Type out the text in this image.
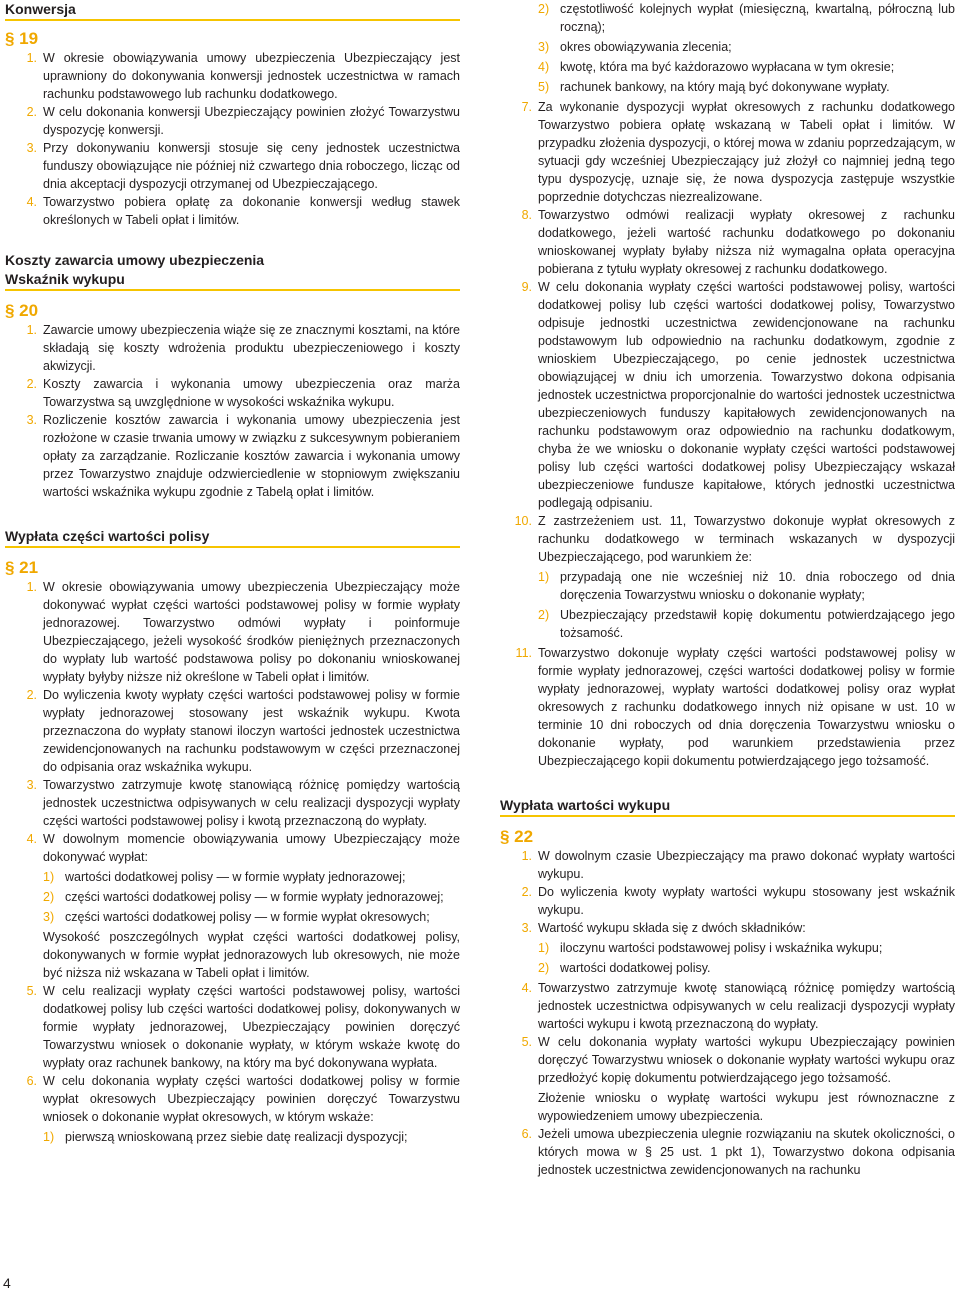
Konwersja
§ 19
1. W okresie obowiązywania umowy ubezpieczenia Ubezpieczający jest uprawniony do dokonywania konwersji jednostek uczestnictwa w ramach rachunku podstawowego lub rachunku dodatkowego.
2. W celu dokonania konwersji Ubezpieczający powinien złożyć Towarzystwu dyspozycję konwersji.
3. Przy dokonywaniu konwersji stosuje się ceny jednostek uczestnictwa funduszy obowiązujące nie później niż czwartego dnia roboczego, licząc od dnia akceptacji dyspozycji otrzymanej od Ubezpieczającego.
4. Towarzystwo pobiera opłatę za dokonanie konwersji według stawek określonych w Tabeli opłat i limitów.
Koszty zawarcia umowy ubezpieczenia
Wskaźnik wykupu
§ 20
1. Zawarcie umowy ubezpieczenia wiąże się ze znacznymi kosztami, na które składają się koszty wdrożenia produktu ubezpieczeniowego i koszty akwizycji.
2. Koszty zawarcia i wykonania umowy ubezpieczenia oraz marża Towarzystwa są uwzględnione w wysokości wskaźnika wykupu.
3. Rozliczenie kosztów zawarcia i wykonania umowy ubezpieczenia jest rozłożone w czasie trwania umowy w związku z sukcesywnym pobieraniem opłaty za zarządzanie. Rozliczanie kosztów zawarcia i wykonania umowy przez Towarzystwo znajduje odzwierciedlenie w stopniowym zwiększaniu wartości wskaźnika wykupu zgodnie z Tabelą opłat i limitów.
Wypłata części wartości polisy
§ 21
1. W okresie obowiązywania umowy ubezpieczenia Ubezpieczający może dokonywać wypłat części wartości podstawowej polisy w formie wypłaty jednorazowej. Towarzystwo odmówi wypłaty i poinformuje Ubezpieczającego, jeżeli wysokość środków pieniężnych przeznaczonych do wypłaty lub wartość podstawowa polisy po dokonaniu wnioskowanej wypłaty byłyby niższe niż określone w Tabeli opłat i limitów.
2. Do wyliczenia kwoty wypłaty części wartości podstawowej polisy w formie wypłaty jednorazowej stosowany jest wskaźnik wykupu. Kwota przeznaczona do wypłaty stanowi iloczyn wartości jednostek uczestnictwa zewidencjonowanych na rachunku podstawowym w części przeznaczonej do odpisania oraz wskaźnika wykupu.
3. Towarzystwo zatrzymuje kwotę stanowiącą różnicę pomiędzy wartością jednostek uczestnictwa odpisywanych w celu realizacji dyspozycji wypłaty części wartości podstawowej polisy i kwotą przeznaczoną do wypłaty.
4. W dowolnym momencie obowiązywania umowy Ubezpieczający może dokonywać wypłat:
1) wartości dodatkowej polisy — w formie wypłaty jednorazowej;
2) części wartości dodatkowej polisy — w formie wypłaty jednorazowej;
3) części wartości dodatkowej polisy — w formie wypłat okresowych;
Wysokość poszczególnych wypłat części wartości dodatkowej polisy, dokonywanych w formie wypłat jednorazowych lub okresowych, nie może być niższa niż wskazana w Tabeli opłat i limitów.
5. W celu realizacji wypłaty części wartości podstawowej polisy, wartości dodatkowej polisy lub części wartości dodatkowej polisy, dokonywanych w formie wypłaty jednorazowej, Ubezpieczający powinien doręczyć Towarzystwu wniosek o dokonanie wypłaty, w którym wskaże kwotę do wypłaty oraz rachunek bankowy, na który ma być dokonywana wypłata.
6. W celu dokonania wypłaty części wartości dodatkowej polisy w formie wypłat okresowych Ubezpieczający powinien doręczyć Towarzystwu wniosek o dokonanie wypłat okresowych, w którym wskaże:
1) pierwszą wnioskowaną przez siebie datę realizacji dyspozycji;
2) częstotliwość kolejnych wypłat (miesięczną, kwartalną, półroczną lub roczną);
3) okres obowiązywania zlecenia;
4) kwotę, która ma być każdorazowo wypłacana w tym okresie;
5) rachunek bankowy, na który mają być dokonywane wypłaty.
7. Za wykonanie dyspozycji wypłat okresowych z rachunku dodatkowego Towarzystwo pobiera opłatę wskazaną w Tabeli opłat i limitów. W przypadku złożenia dyspozycji, o której mowa w zdaniu poprzedzającym, w sytuacji gdy wcześniej Ubezpieczający już złożył co najmniej jedną tego typu dyspozycję, uznaje się, że nowa dyspozycja zastępuje wszystkie poprzednie dotychczas niezrealizowane.
8. Towarzystwo odmówi realizacji wypłaty okresowej z rachunku dodatkowego, jeżeli wartość rachunku dodatkowego po dokonaniu wnioskowanej wypłaty byłaby niższa niż wymagalna opłata operacyjna pobierana z tytułu wypłaty okresowej z rachunku dodatkowego.
9. W celu dokonania wypłaty części wartości podstawowej polisy, wartości dodatkowej polisy lub części wartości dodatkowej polisy, Towarzystwo odpisuje jednostki uczestnictwa zewidencjonowane na rachunku podstawowym lub odpowiednio na rachunku dodatkowym, zgodnie z wnioskiem Ubezpieczającego, po cenie jednostek uczestnictwa obowiązującej w dniu ich umorzenia. Towarzystwo dokona odpisania jednostek uczestnictwa proporcjonalnie do wartości jednostek uczestnictwa ubezpieczeniowych funduszy kapitałowych zewidencjonowanych na rachunku podstawowym oraz odpowiednio na rachunku dodatkowym, chyba że we wniosku o dokonanie wypłaty części wartości podstawowej polisy lub części wartości dodatkowej polisy Ubezpieczający wskazał ubezpieczeniowe fundusze kapitałowe, których jednostki uczestnictwa podlegają odpisaniu.
10. Z zastrzeżeniem ust. 11, Towarzystwo dokonuje wypłat okresowych z rachunku dodatkowego w terminach wskazanych w dyspozycji Ubezpieczającego, pod warunkiem że:
1) przypadają one nie wcześniej niż 10. dnia roboczego od dnia doręczenia Towarzystwu wniosku o dokonanie wypłaty;
2) Ubezpieczający przedstawił kopię dokumentu potwierdzającego jego tożsamość.
11. Towarzystwo dokonuje wypłaty części wartości podstawowej polisy w formie wypłaty jednorazowej, części wartości dodatkowej polisy w formie wypłaty jednorazowej, wypłaty wartości dodatkowej polisy oraz wypłat okresowych z rachunku dodatkowego innych niż opisane w ust. 10 w terminie 10 dni roboczych od dnia doręczenia Towarzystwu wniosku o dokonanie wypłaty, pod warunkiem przedstawienia przez Ubezpieczającego kopii dokumentu potwierdzającego jego tożsamość.
Wypłata wartości wykupu
§ 22
1. W dowolnym czasie Ubezpieczający ma prawo dokonać wypłaty wartości wykupu.
2. Do wyliczenia kwoty wypłaty wartości wykupu stosowany jest wskaźnik wykupu.
3. Wartość wykupu składa się z dwóch składników:
1) iloczynu wartości podstawowej polisy i wskaźnika wykupu;
2) wartości dodatkowej polisy.
4. Towarzystwo zatrzymuje kwotę stanowiącą różnicę pomiędzy wartością jednostek uczestnictwa odpisywanych w celu realizacji dyspozycji wypłaty wartości wykupu i kwotą przeznaczoną do wypłaty.
5. W celu dokonania wypłaty wartości wykupu Ubezpieczający powinien doręczyć Towarzystwu wniosek o dokonanie wypłaty wartości wykupu oraz przedłożyć kopię dokumentu potwierdzającego jego tożsamość.
Złożenie wniosku o wypłatę wartości wykupu jest równoznaczne z wypowiedzeniem umowy ubezpieczenia.
6. Jeżeli umowa ubezpieczenia ulegnie rozwiązaniu na skutek okoliczności, o których mowa w § 25 ust. 1 pkt 1), Towarzystwo dokona odpisania jednostek uczestnictwa zewidencjonowanych na rachunku
4
